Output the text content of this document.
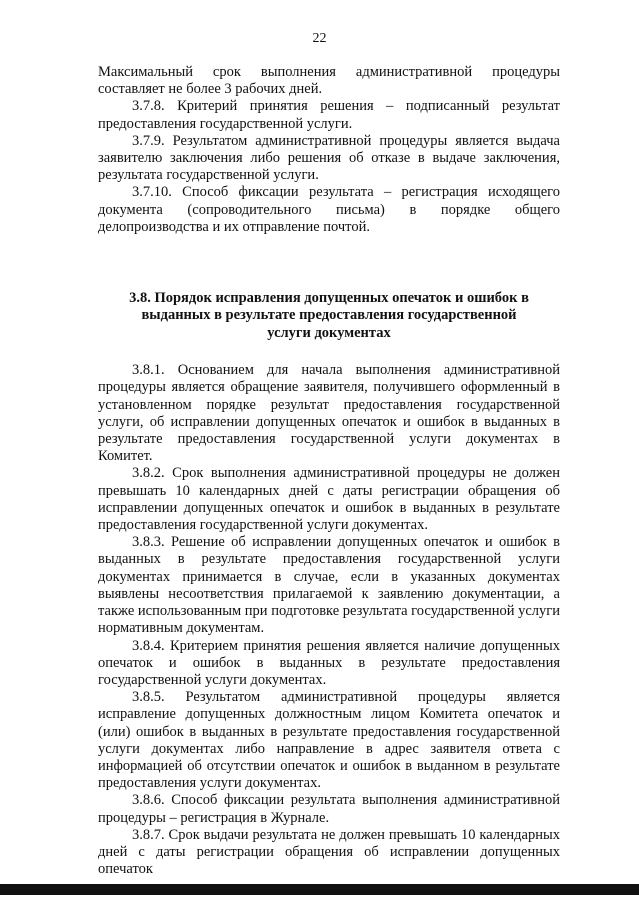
22

Максимальный срок выполнения административной процедуры составляет не более 3 рабочих дней.

3.7.8. Критерий принятия решения – подписанный результат предоставления государственной услуги.

3.7.9. Результатом административной процедуры является выдача заявителю заключения либо решения об отказе в выдаче заключения, результата государственной услуги.

3.7.10. Способ фиксации результата – регистрация исходящего документа (сопроводительного письма) в порядке общего делопроизводства и их отправление почтой.

3.8. Порядок исправления допущенных опечаток и ошибок в выданных в результате предоставления государственной услуги документах

3.8.1. Основанием для начала выполнения административной процедуры является обращение заявителя, получившего оформленный в установленном порядке результат предоставления государственной услуги, об исправлении допущенных опечаток и ошибок в выданных в результате предоставления государственной услуги документах в Комитет.

3.8.2. Срок выполнения административной процедуры не должен превышать 10 календарных дней с даты регистрации обращения об исправлении допущенных опечаток и ошибок в выданных в результате предоставления государственной услуги документах.

3.8.3. Решение об исправлении допущенных опечаток и ошибок в выданных в результате предоставления государственной услуги документах принимается в случае, если в указанных документах выявлены несоответствия прилагаемой к заявлению документации, а также использованным при подготовке результата государственной услуги нормативным документам.

3.8.4. Критерием принятия решения является наличие допущенных опечаток и ошибок в выданных в результате предоставления государственной услуги документах.

3.8.5. Результатом административной процедуры является исправление допущенных должностным лицом Комитета опечаток и (или) ошибок в выданных в результате предоставления государственной услуги документах либо направление в адрес заявителя ответа с информацией об отсутствии опечаток и ошибок в выданном в результате предоставления услуги документах.

3.8.6. Способ фиксации результата выполнения административной процедуры – регистрация в Журнале.

3.8.7. Срок выдачи результата не должен превышать 10 календарных дней с даты регистрации обращения об исправлении допущенных опечаток
